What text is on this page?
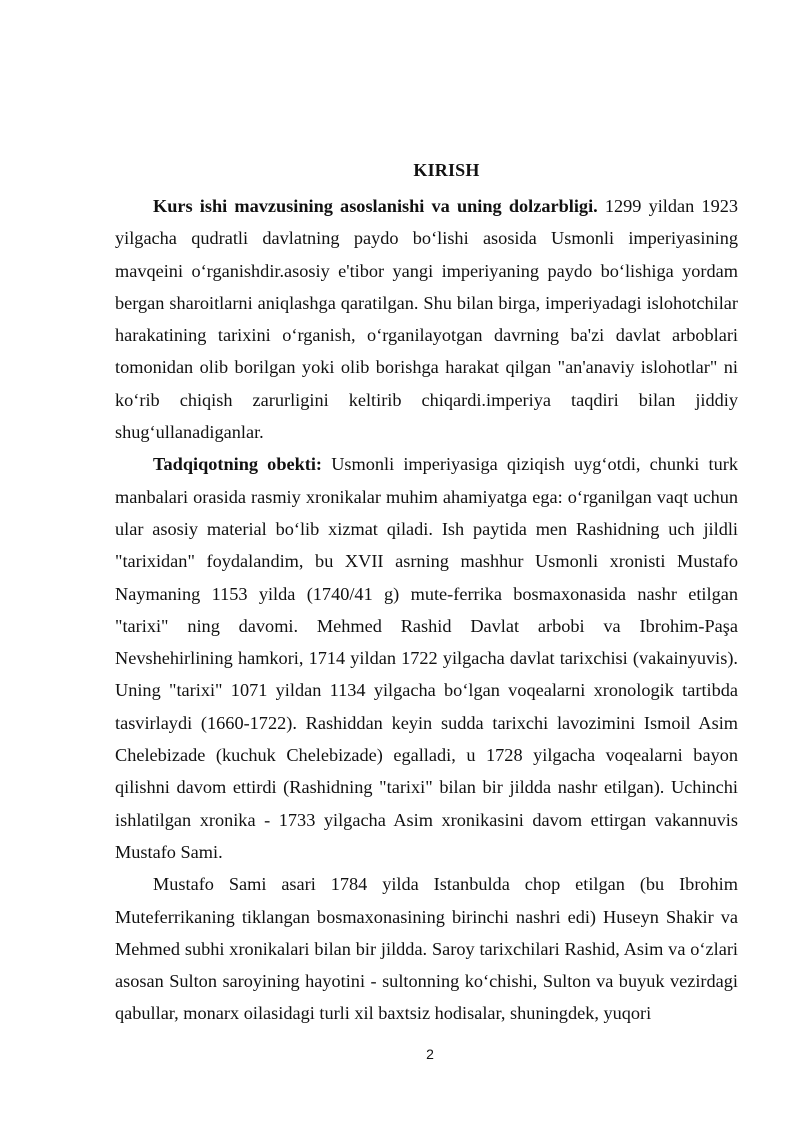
KIRISH

Kurs ishi mavzusining asoslanishi va uning dolzarbligi. 1299 yildan 1923 yilgacha qudratli davlatning paydo bo‘lishi asosida Usmonli imperiyasining mavqeini o‘rganishdir.asosiy e'tibor yangi imperiyaning paydo bo‘lishiga yordam bergan sharoitlarni aniqlashga qaratilgan. Shu bilan birga, imperiyadagi islohotchilar harakatining tarixini o‘rganish, o‘rganilayotgan davrning ba'zi davlat arboblari tomonidan olib borilgan yoki olib borishga harakat qilgan "an'anaviy islohotlar" ni ko‘rib chiqish zarurligini keltirib chiqardi.imperiya taqdiri bilan jiddiy shug‘ullanadiganlar.

Tadqiqotning obekti: Usmonli imperiyasiga qiziqish uyg‘otdi, chunki turk manbalari orasida rasmiy xronikalar muhim ahamiyatga ega: o‘rganilgan vaqt uchun ular asosiy material bo‘lib xizmat qiladi. Ish paytida men Rashidning uch jildli "tarixidan" foydalandim, bu XVII asrning mashhur Usmonli xronisti Mustafo Naymaning 1153 yilda (1740/41 g) mute-ferrika bosmaxonasida nashr etilgan "tarixi" ning davomi. Mehmed Rashid Davlat arbobi va Ibrohim-Paşa Nevshehirlining hamkori, 1714 yildan 1722 yilgacha davlat tarixchisi (vakainyuvis). Uning "tarixi" 1071 yildan 1134 yilgacha bo‘lgan voqealarni xronologik tartibda tasvirlaydi (1660-1722). Rashiddan keyin sudda tarixchi lavozimini Ismoil Asim Chelebizade (kuchuk Chelebizade) egalladi, u 1728 yilgacha voqealarni bayon qilishni davom ettirdi (Rashidning "tarixi" bilan bir jildda nashr etilgan). Uchinchi ishlatilgan xronika - 1733 yilgacha Asim xronikasini davom ettirgan vakannuvis Mustafo Sami.

Mustafo Sami asari 1784 yilda Istanbulda chop etilgan (bu Ibrohim Muteferrikaning tiklangan bosmaxonasining birinchi nashri edi) Huseyn Shakir va Mehmed subhi xronikalari bilan bir jildda. Saroy tarixchilari Rashid, Asim va o‘zlari asosan Sulton saroyining hayotini - sultonning ko‘chishi, Sulton va buyuk vezirdagi qabullar, monarx oilasidagi turli xil baxtsiz hodisalar, shuningdek, yuqori

2
